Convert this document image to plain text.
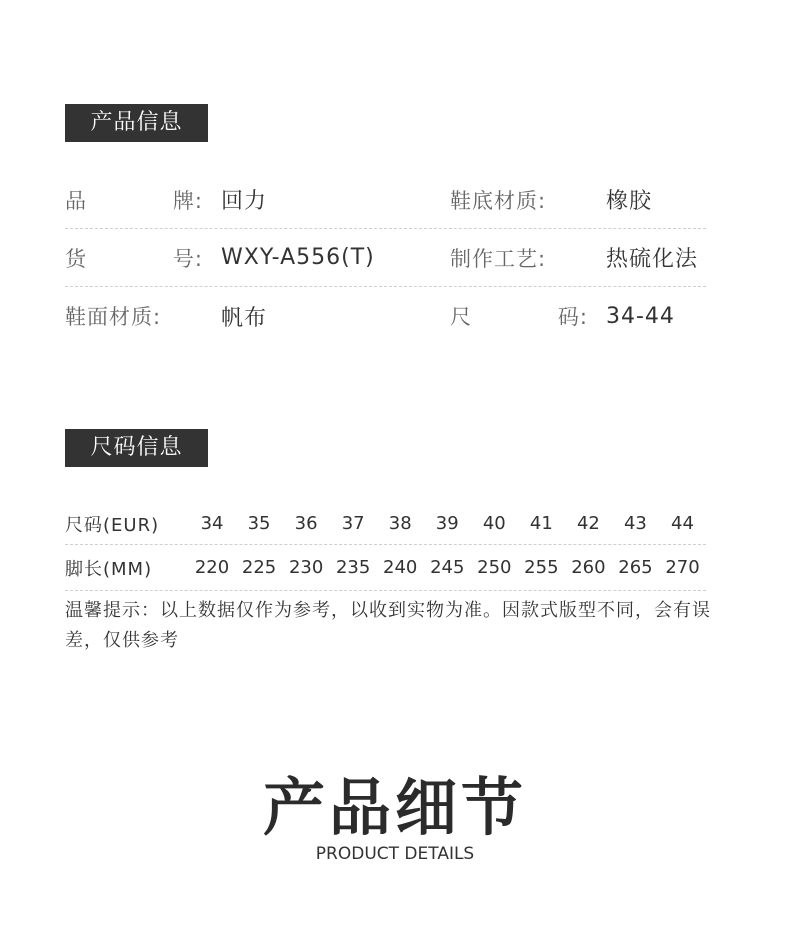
产品信息
品	牌: 回力	鞋底材质:	橡胶
货	号: WXY-A556(T)	制作工艺:	热硫化法
鞋面材质:	帆布	尺	码: 34-44
尺码信息
尺码(EUR)	34	35	36	37	38	39	40	41	42	43	44
脚长(MM)	220 225 230 235 240 245 250 255 260 265 270
温馨提示：以上数据仅作为参考，以收到实物为准。因款式版型不同，会有误差，仅供参考
产品细节
PRODUCT DETAILS
